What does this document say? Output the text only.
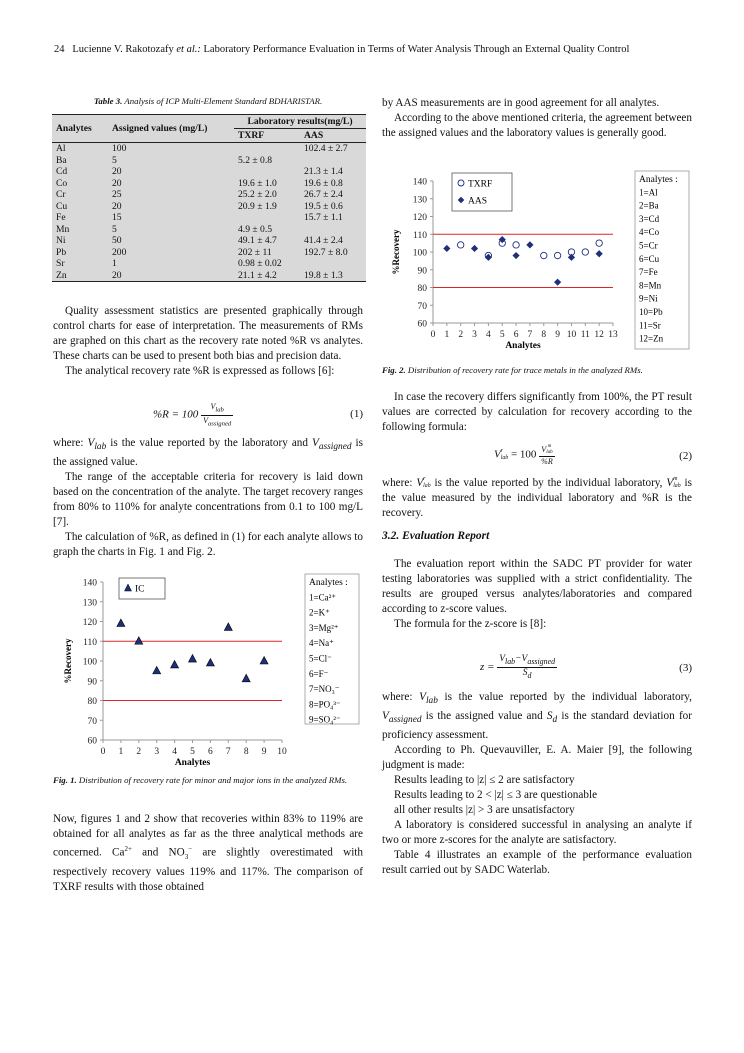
24 Lucienne V. Rakotozafy et al.: Laboratory Performance Evaluation in Terms of Water Analysis Through an External Quality Control
Table 3. Analysis of ICP Multi-Element Standard BDHARISTAR.
Analytes	Assigned values (mg/L)	Laboratory results(mg/L)	
		TXRF	AAS
Al	100		102.4 ± 2.7
Ba	5	5.2 ± 0.8	
Cd	20		21.3 ± 1.4
Co	20	19.6 ± 1.0	19.6 ± 0.8
Cr	25	25.2 ± 2.0	26.7 ± 2.4
Cu	20	20.9 ± 1.9	19.5 ± 0.6
Fe	15		15.7 ± 1.1
Mn	5	4.9 ± 0.5	
Ni	50	49.1 ± 4.7	41.4 ± 2.4
Pb	200	202 ± 11	192.7 ± 8.0
Sr	1	0.98 ± 0.02	
Zn	20	21.1 ± 4.2	19.8 ± 1.3

Quality assessment statistics are presented graphically through control charts for ease of interpretation. The measurements of RMs are graphed on this chart as the recovery rate noted %R vs analytes. These charts can be used to present both bias and precision data.

The analytical recovery rate %R is expressed as follows [6]:

$\%R = 100 \frac{V_{lab}}{V_{assigned}}$	(1)

where: $V_{lab}$ is the value reported by the laboratory and $V_{assigned}$ is the assigned value.

The range of the acceptable criteria for recovery is laid down based on the concentration of the analyte. The target recovery ranges from 80% to 110% for analyte concentrations from 0.1 to 100 mg/L [7].

The calculation of %R, as defined in (1) for each analyte allows to graph the charts in Fig. 1 and Fig. 2.

60
70
80
90
100
110
120
130
140
0 1 2 3 4 5 6 7 8 9 10
Analytes
%Recovery
IC
Analytes :
1=Ca²⁺
2=K⁺
3=Mg²⁺
4=Na⁺
5=Cl⁻
6=F⁻
7=NO₃⁻
8=PO₄³⁻
9=SO₄²⁻
Fig. 1. Distribution of recovery rate for minor and major ions in the analyzed RMs.

Now, figures 1 and 2 show that recoveries within 83% to 119% are obtained for all analytes as far as the three analytical methods are concerned. $Ca^{2+}$ and $NO_3^-$ are slightly overestimated with respectively recovery values 119% and 117%. The comparison of TXRF results with those obtained

by AAS measurements are in good agreement for all analytes.

According to the above mentioned criteria, the agreement between the assigned values and the laboratory values is generally good.

60
70
80
90
100
110
120
130
140
0 1 2 3 4 5 6 7 8 9 10 11 12 13
Analytes
%Recovery
TXRF
AAS
Analytes :
1=Al
2=Ba
3=Cd
4=Co
5=Cr
6=Cu
7=Fe
8=Mn
9=Ni
10=Pb
11=Sr
12=Zn
Fig. 2. Distribution of recovery rate for trace metals in the analyzed RMs.

In case the recovery differs significantly from 100%, the PT result values are corrected by calculation for recovery according to the following formula:

V r
lab = 100 V m
lab
%R	(2)

where: V r
lab is the value reported by the individual laboratory, V m
lab is the value measured by the individual laboratory and %R is the recovery.

3.2. Evaluation Report

The evaluation report within the SADC PT provider for water testing laboratories was supplied with a strict confidentiality. The results are grouped versus analytes/laboratories and compared according to z-score values.

The formula for the z-score is [8]:

$z = \frac{V_{lab}-V_{assigned}}{S_d}$	(3)

where: $V_{lab}$ is the value reported by the individual laboratory, $V_{assigned}$ is the assigned value and $S_d$ is the standard deviation for proficiency assessment.

According to Ph. Quevauviller, E. A. Maier [9], the following judgment is made:

Results leading to |z| ≤ 2 are satisfactory

Results leading to 2 < |z| ≤ 3 are questionable

all other results |z| > 3 are unsatisfactory

A laboratory is considered successful in analysing an analyte if two or more z-scores for the analyte are satisfactory.

Table 4 illustrates an example of the performance evaluation result carried out by SADC Waterlab.
